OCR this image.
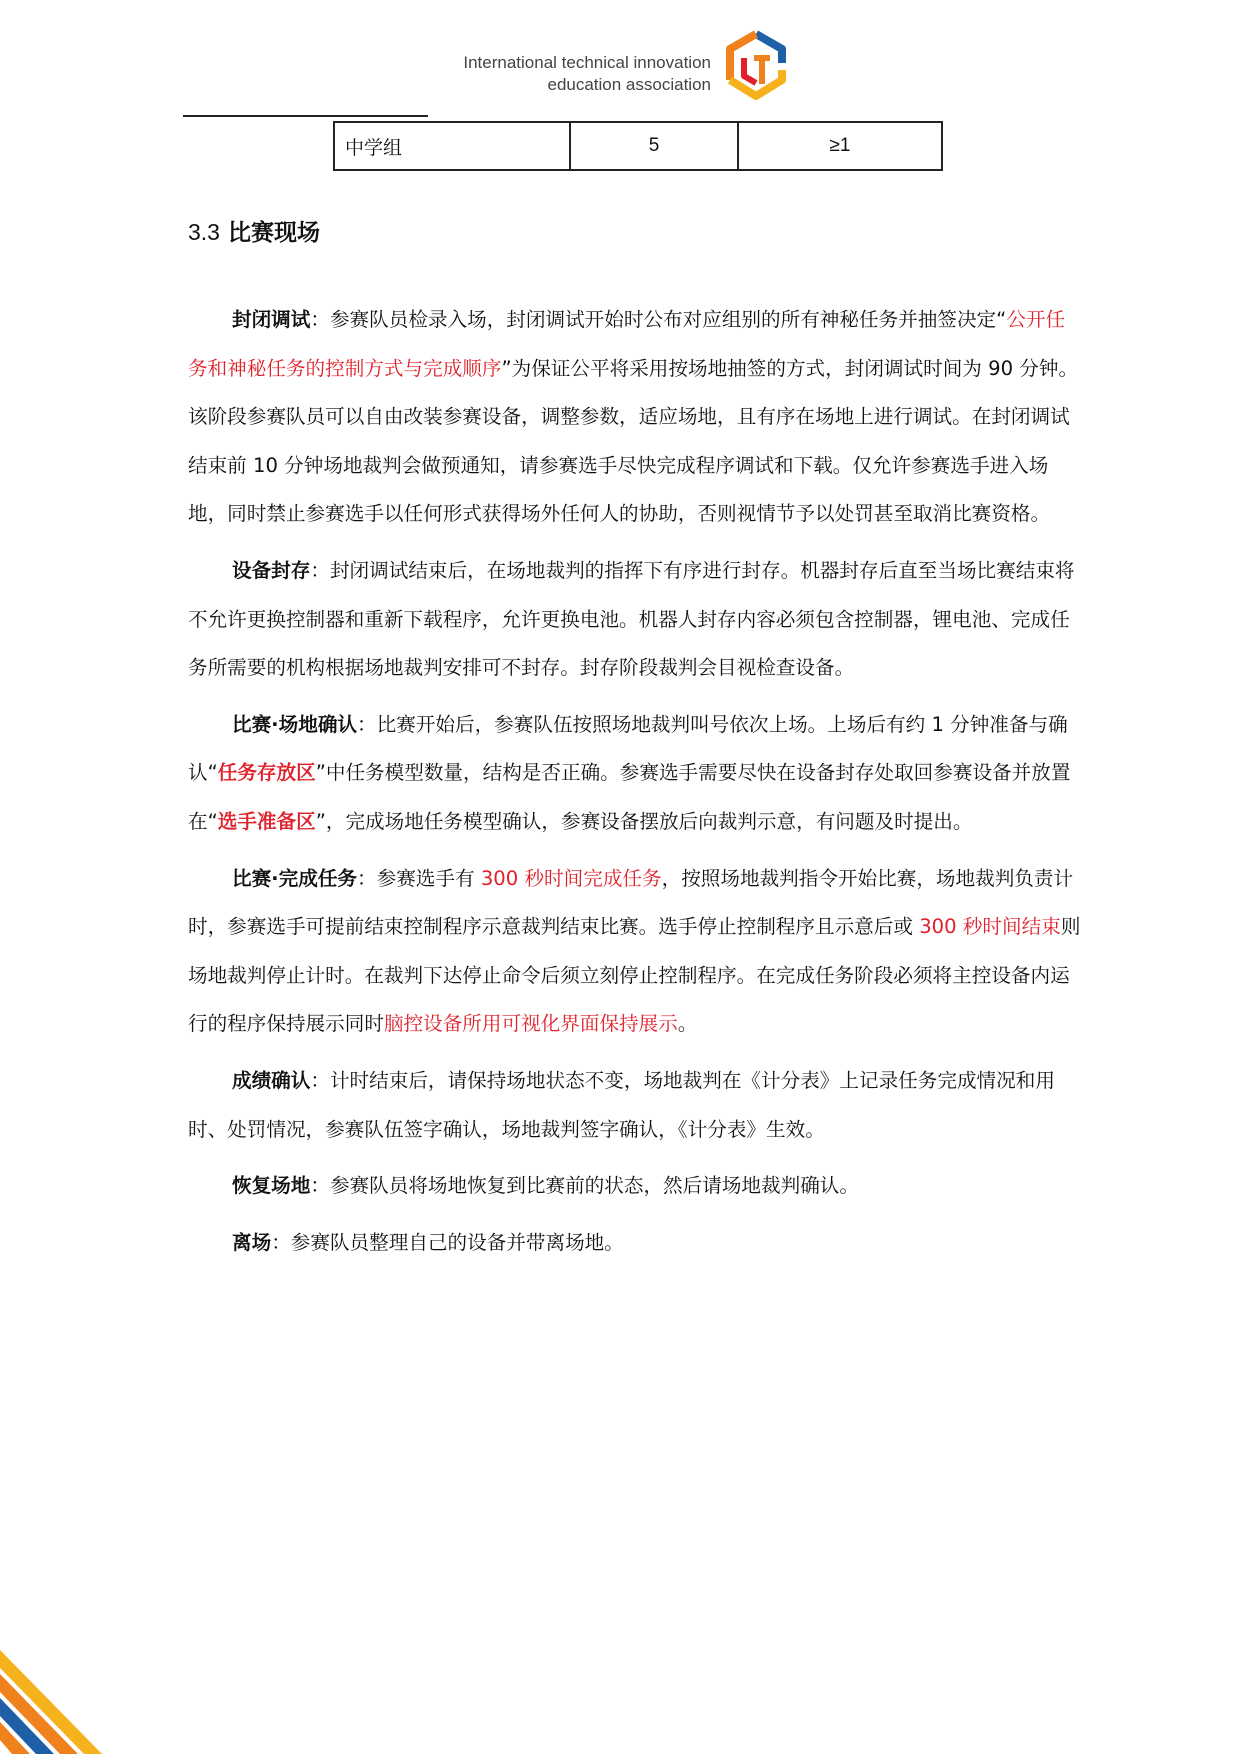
International technical innovation
education association
中学组	5	≥1
3.3 比赛现场

封闭调试：参赛队员检录入场，封闭调试开始时公布对应组别的所有神秘任务并抽签决定“公开任务和神秘任务的控制方式与完成顺序”为保证公平将采用按场地抽签的方式，封闭调试时间为 90 分钟。该阶段参赛队员可以自由改装参赛设备，调整参数，适应场地，且有序在场地上进行调试。在封闭调试结束前 10 分钟场地裁判会做预通知，请参赛选手尽快完成程序调试和下载。仅允许参赛选手进入场地，同时禁止参赛选手以任何形式获得场外任何人的协助，否则视情节予以处罚甚至取消比赛资格。

设备封存：封闭调试结束后，在场地裁判的指挥下有序进行封存。机器封存后直至当场比赛结束将不允许更换控制器和重新下载程序，允许更换电池。机器人封存内容必须包含控制器，锂电池、完成任务所需要的机构根据场地裁判安排可不封存。封存阶段裁判会目视检查设备。

比赛·场地确认：比赛开始后，参赛队伍按照场地裁判叫号依次上场。上场后有约 1 分钟准备与确认“任务存放区”中任务模型数量，结构是否正确。参赛选手需要尽快在设备封存处取回参赛设备并放置在“选手准备区”，完成场地任务模型确认，参赛设备摆放后向裁判示意，有问题及时提出。

比赛·完成任务：参赛选手有 300 秒时间完成任务，按照场地裁判指令开始比赛，场地裁判负责计时，参赛选手可提前结束控制程序示意裁判结束比赛。选手停止控制程序且示意后或 300 秒时间结束则场地裁判停止计时。在裁判下达停止命令后须立刻停止控制程序。在完成任务阶段必须将主控设备内运行的程序保持展示同时脑控设备所用可视化界面保持展示。

成绩确认：计时结束后，请保持场地状态不变，场地裁判在《计分表》上记录任务完成情况和用时、处罚情况，参赛队伍签字确认，场地裁判签字确认，《计分表》生效。

恢复场地：参赛队员将场地恢复到比赛前的状态，然后请场地裁判确认。

离场：参赛队员整理自己的设备并带离场地。
